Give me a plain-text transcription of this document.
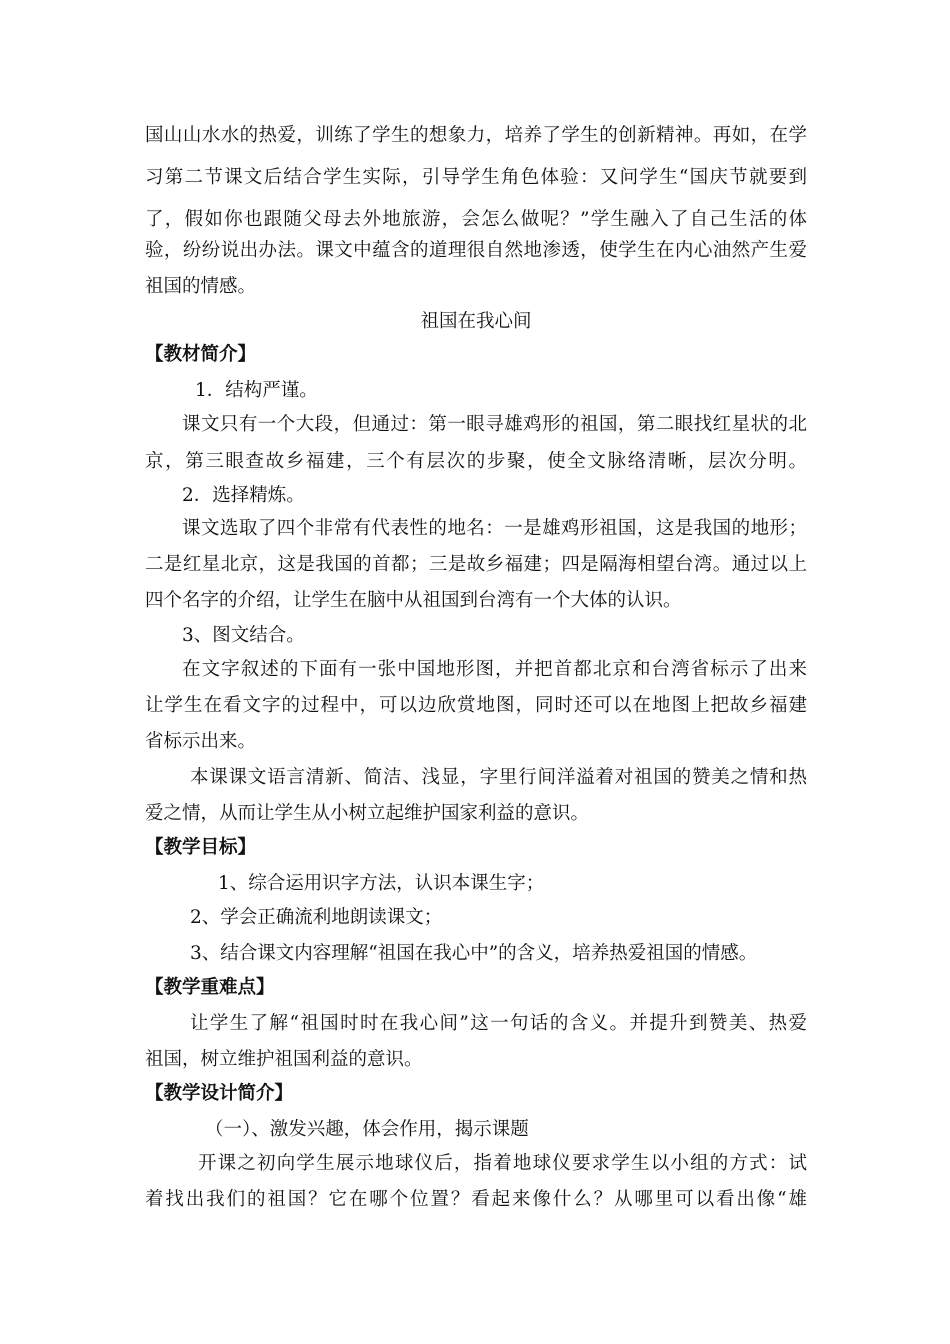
国山山水水的热爱，训练了学生的想象力，培养了学生的创新精神。再如，在学
习第二节课文后结合学生实际，引导学生角色体验：又问学生“国庆节就要到
了，假如你也跟随父母去外地旅游，会怎么做呢？”学生融入了自己生活的体
验，纷纷说出办法。课文中蕴含的道理很自然地渗透，使学生在内心油然产生爱
祖国的情感。
祖国在我心间
【教材简介】
1．结构严谨。
课文只有一个大段，但通过：第一眼寻雄鸡形的祖国，第二眼找红星状的北
京，第三眼查故乡福建，三个有层次的步聚，使全文脉络清晰，层次分明。
2．选择精炼。
课文选取了四个非常有代表性的地名：一是雄鸡形祖国，这是我国的地形；
二是红星北京，这是我国的首都；三是故乡福建；四是隔海相望台湾。通过以上
四个名字的介绍，让学生在脑中从祖国到台湾有一个大体的认识。
3、图文结合。
在文字叙述的下面有一张中国地形图，并把首都北京和台湾省标示了出来
让学生在看文字的过程中，可以边欣赏地图，同时还可以在地图上把故乡福建
省标示出来。
本课课文语言清新、简洁、浅显，字里行间洋溢着对祖国的赞美之情和热
爱之情，从而让学生从小树立起维护国家利益的意识。
【教学目标】
1、综合运用识字方法，认识本课生字；
2、学会正确流利地朗读课文；
3、结合课文内容理解“祖国在我心中”的含义，培养热爱祖国的情感。
【教学重难点】
让学生了解“祖国时时在我心间”这一句话的含义。并提升到赞美、热爱
祖国，树立维护祖国利益的意识。
【教学设计简介】
（一）、激发兴趣，体会作用，揭示课题
开课之初向学生展示地球仪后，指着地球仪要求学生以小组的方式：试
着找出我们的祖国？它在哪个位置？看起来像什么？从哪里可以看出像“雄
